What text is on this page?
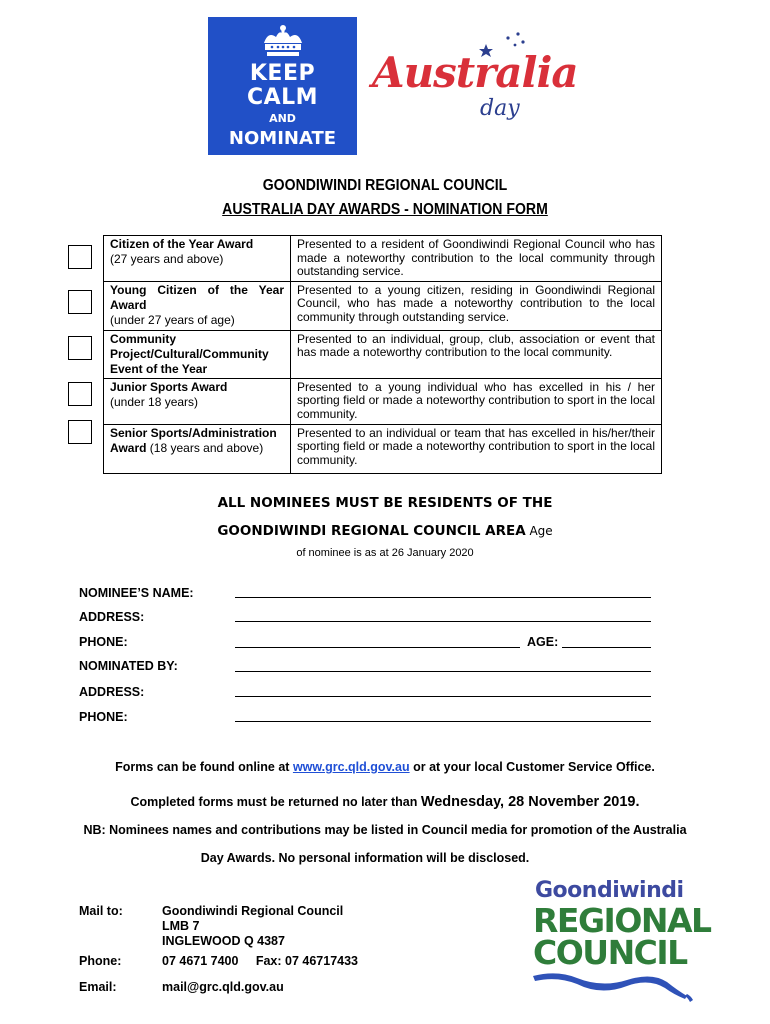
KEEP
CALM
AND
NOMINATE
Australia
day
GOONDIWINDI REGIONAL COUNCIL
AUSTRALIA DAY AWARDS - NOMINATION FORM
Citizen of the Year Award
(27 years and above)	Presented to a resident of Goondiwindi Regional Council who has made a noteworthy contribution to the local community through outstanding service.

Young Citizen of the Year Award
(under 27 years of age)	Presented to a young citizen, residing in Goondiwindi Regional Council, who has made a noteworthy contribution to the local community through outstanding service.

Community Project/Cultural/Community Event of the Year	Presented to an individual, group, club, association or event that has made a noteworthy contribution to the local community.

Junior Sports Award
(under 18 years)	Presented to a young individual who has excelled in his / her sporting field or made a noteworthy contribution to sport in the local community.
Senior Sports/Administration Award (18 years and above)	Presented to an individual or team that has excelled in his/her/their sporting field or made a noteworthy contribution to sport in the local community.
ALL NOMINEES MUST BE RESIDENTS OF THE
GOONDIWINDI REGIONAL COUNCIL AREA Age
of nominee is as at 26 January 2020
NOMINEE’S NAME:
ADDRESS:
PHONE:	AGE:
NOMINATED BY:
ADDRESS:
PHONE:
Forms can be found online at www.grc.qld.gov.au or at your local Customer Service Office.
Completed forms must be returned no later than Wednesday, 28 November 2019.
NB: Nominees names and contributions may be listed in Council media for promotion of the Australia
Day Awards. No personal information will be disclosed.
Mail to:	Goondiwindi Regional Council
LMB 7
INGLEWOOD Q 4387
Phone:	07 4671 7400     Fax: 07 46717433
Email:	mail@grc.qld.gov.au
Goondiwindi
REGIONAL
COUNCIL
